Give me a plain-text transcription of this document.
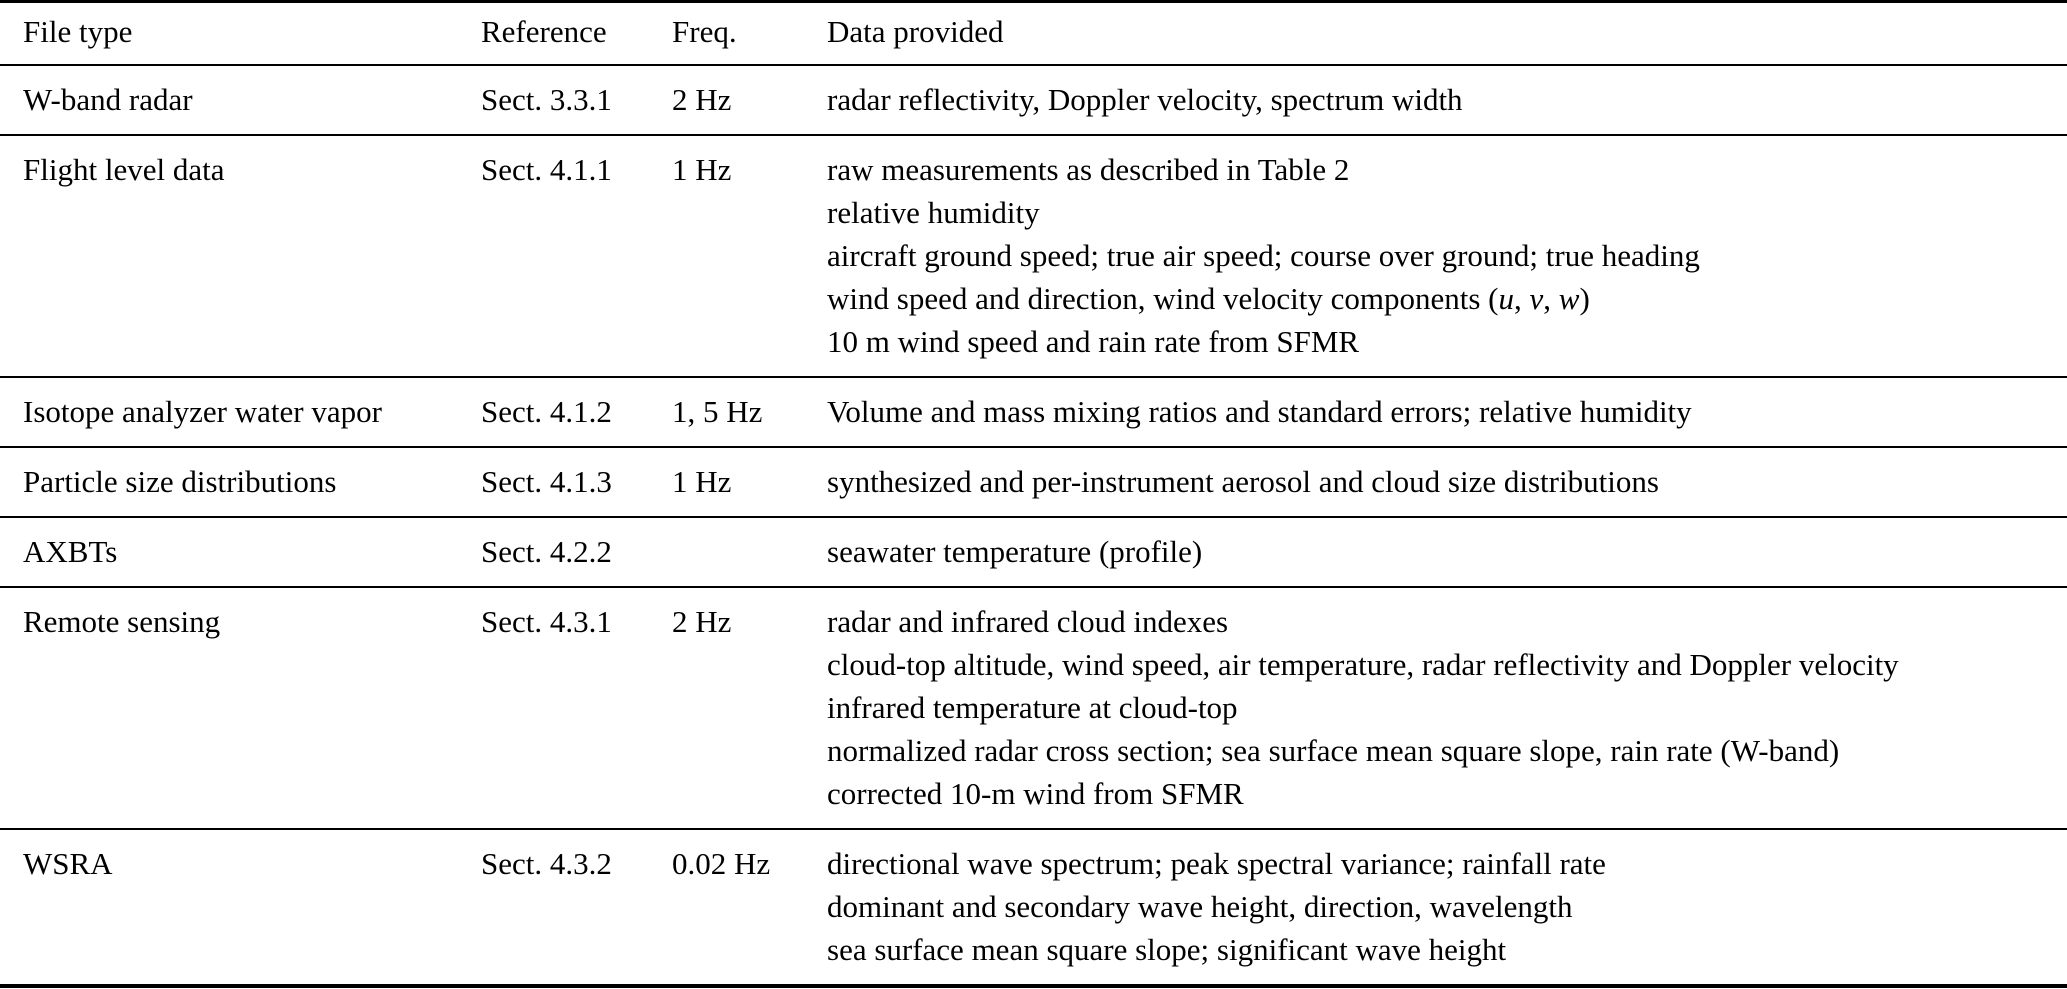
File type	Reference	Freq.	Data provided
W-band radar	Sect. 3.3.1	2 Hz	radar reflectivity, Doppler velocity, spectrum width

Flight level data	Sect. 4.1.1	1 Hz	raw measurements as described in Table 2
relative humidity
aircraft ground speed; true air speed; course over ground; true heading
wind speed and direction, wind velocity components (u, v, w)
10 m wind speed and rain rate from SFMR

Isotope analyzer water vapor	Sect. 4.1.2	1, 5 Hz	Volume and mass mixing ratios and standard errors; relative humidity

Particle size distributions	Sect. 4.1.3	1 Hz	synthesized and per-instrument aerosol and cloud size distributions

AXBTs	Sect. 4.2.2		seawater temperature (profile)

Remote sensing	Sect. 4.3.1	2 Hz	radar and infrared cloud indexes
cloud-top altitude, wind speed, air temperature, radar reflectivity and Doppler velocity
infrared temperature at cloud-top
normalized radar cross section; sea surface mean square slope, rain rate (W-band)
corrected 10-m wind from SFMR

WSRA	Sect. 4.3.2	0.02 Hz	directional wave spectrum; peak spectral variance; rainfall rate
dominant and secondary wave height, direction, wavelength
sea surface mean square slope; significant wave height
